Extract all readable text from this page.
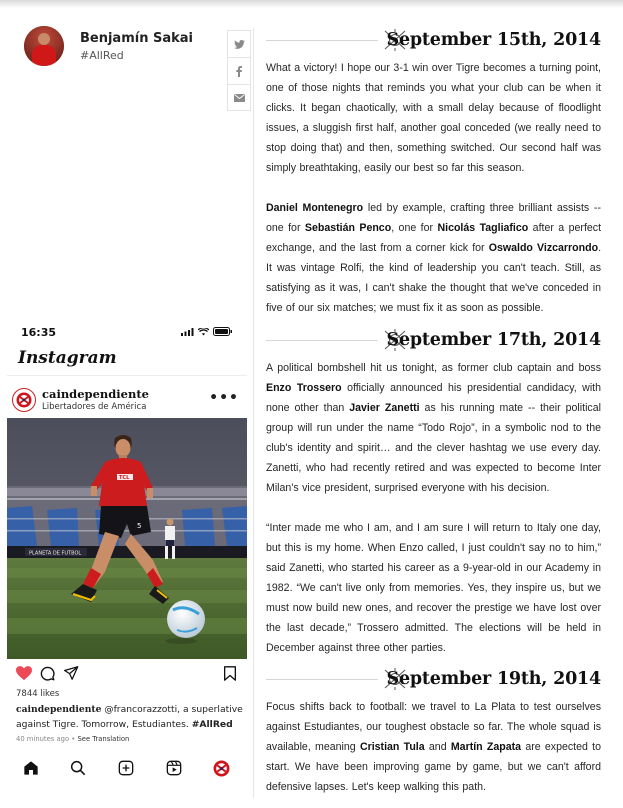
Benjamín Sakai
#AllRed
September 15th, 2014
What a victory! I hope our 3-1 win over Tigre becomes a turning point, one of those nights that reminds you what your club can be when it clicks. It began chaotically, with a small delay because of floodlight issues, a sluggish first half, another goal conceded (we really need to stop doing that) and then, something switched. Our second half was simply breathtaking, easily our best so far this season.
Daniel Montenegro led by example, crafting three brilliant assists -- one for Sebastián Penco, one for Nicolás Tagliafico after a perfect exchange, and the last from a corner kick for Oswaldo Vizcarrondo. It was vintage Rolfi, the kind of leadership you can't teach. Still, as satisfying as it was, I can't shake the thought that we've conceded in five of our six matches; we must fix it as soon as possible.
September 17th, 2014
A political bombshell hit us tonight, as former club captain and boss Enzo Trossero officially announced his presidential candidacy, with none other than Javier Zanetti as his running mate -- their political group will run under the name “Todo Rojo”, in a symbolic nod to the club's identity and spirit… and the clever hashtag we use every day. Zanetti, who had recently retired and was expected to become Inter Milan's vice president, surprised everyone with his decision.
“Inter made me who I am, and I am sure I will return to Italy one day, but this is my home. When Enzo called, I just couldn't say no to him,” said Zanetti, who started his career as a 9-year-old in our Academy in 1982. “We can't live only from memories. Yes, they inspire us, but we must now build new ones, and recover the prestige we have lost over the last decade,” Trossero admitted. The elections will be held in December against three other parties.
September 19th, 2014
Focus shifts back to football: we travel to La Plata to test ourselves against Estudiantes, our toughest obstacle so far. The whole squad is available, meaning Cristian Tula and Martín Zapata are expected to start. We have been improving game by game, but we can't afford defensive lapses. Let's keep walking this path.
16:35
Instagram
caindependiente
Libertadores de América
•••
PLANETA DE FUTBOL
TCL
5
7844 likes
caindependiente @francorazzotti, a superlative against Tigre. Tomorrow, Estudiantes. #AllRed
40 minutes ago • See Translation
